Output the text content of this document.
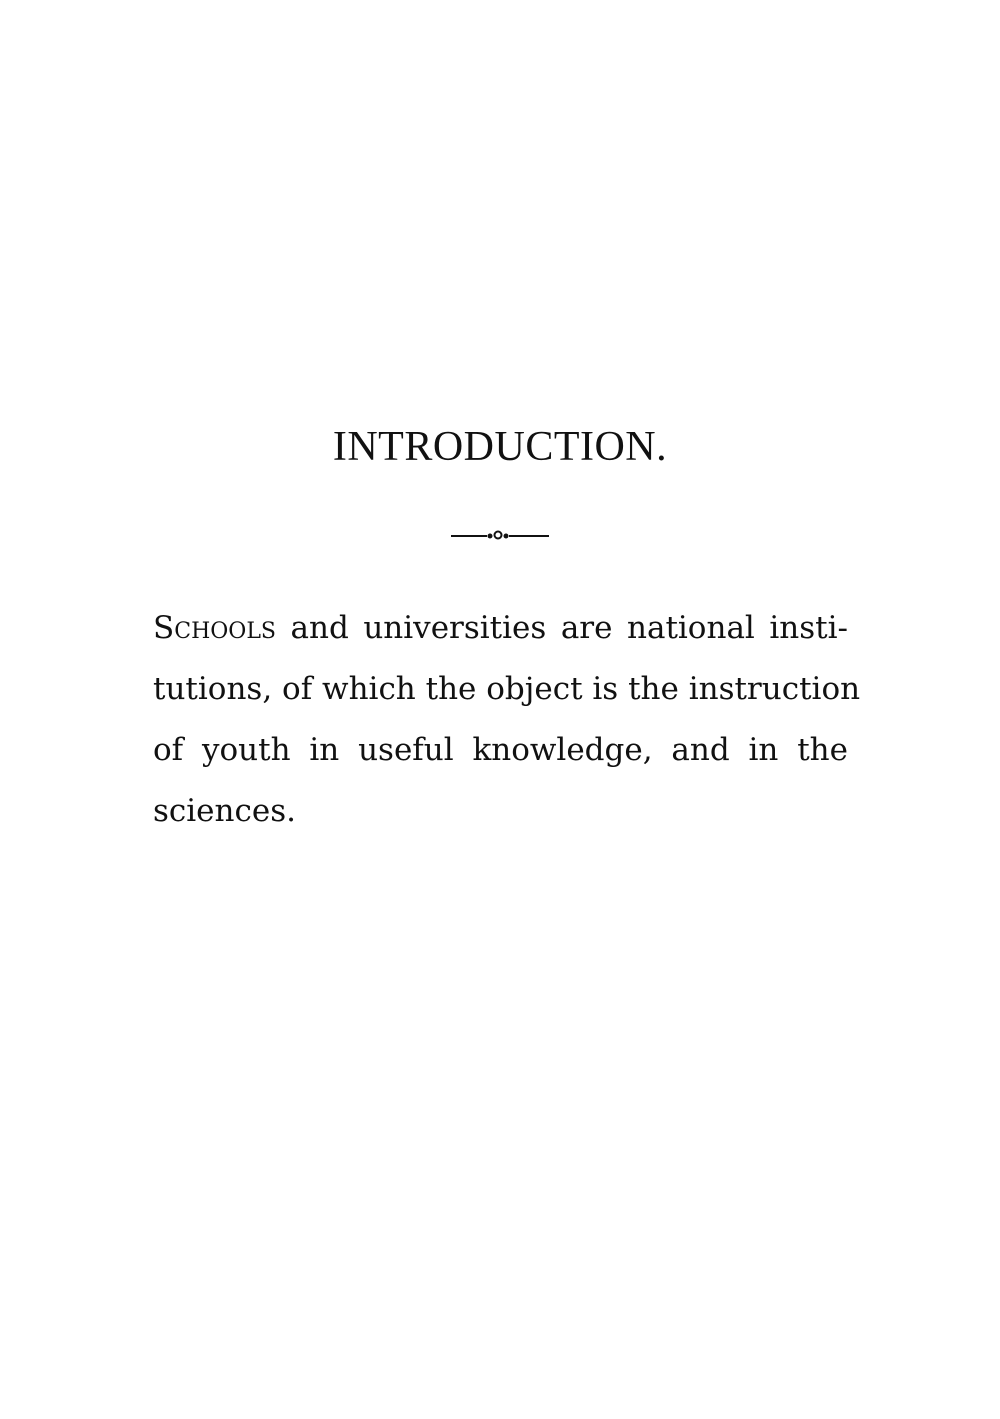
INTRODUCTION.
Schools and universities are national insti-
tutions, of which the object is the instruction
of youth in useful knowledge, and in the
sciences.
